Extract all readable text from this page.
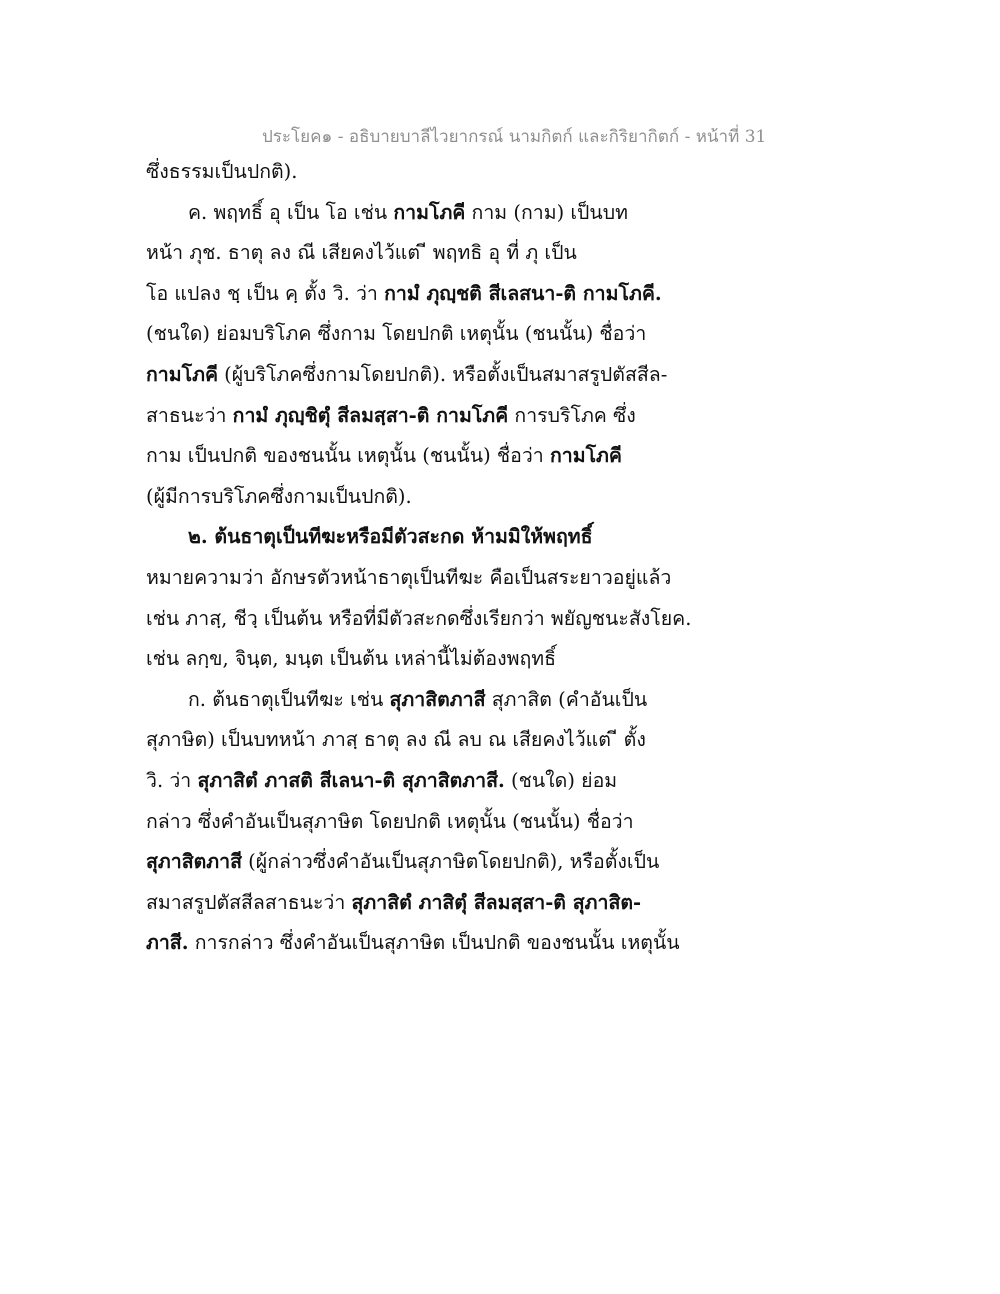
ประโยค๑ - อธิบายบาลีไวยากรณ์ นามกิตก์ และกิริยากิตก์ - หน้าที่ 31
ซึ่งธรรมเป็นปกติ).
ค. พฤทธิ์ อุ เป็น โอ เช่น กามโภคี กาม (กาม) เป็นบท
หน้า ภุช. ธาตุ ลง ณี เสียคงไว้แต่ ี พฤทธิ อุ ที่ ภุ เป็น
โอ แปลง ชฺ เป็น คฺ ตั้ง วิ. ว่า กามํ ภุญฺชติ สีเลสนา-ติ กามโภคี.
(ชนใด) ย่อมบริโภค ซึ่งกาม โดยปกติ เหตุนั้น (ชนนั้น) ชื่อว่า
กามโภคี (ผู้บริโภคซึ่งกามโดยปกติ). หรือตั้งเป็นสมาสรูปตัสสีล-
สาธนะว่า กามํ ภุญฺชิตุํ สีลมสฺสา-ติ กามโภคี การบริโภค ซึ่ง
กาม เป็นปกติ ของชนนั้น เหตุนั้น (ชนนั้น) ชื่อว่า กามโภคี
(ผู้มีการบริโภคซึ่งกามเป็นปกติ).
๒. ต้นธาตุเป็นทีฆะหรือมีตัวสะกด ห้ามมิให้พฤทธิ์
หมายความว่า อักษรตัวหน้าธาตุเป็นทีฆะ คือเป็นสระยาวอยู่แล้ว
เช่น ภาสฺ, ชีวฺ เป็นต้น หรือที่มีตัวสะกดซึ่งเรียกว่า พยัญชนะสังโยค.
เช่น ลกฺข, จินฺต, มนฺต เป็นต้น เหล่านี้ไม่ต้องพฤทธิ์
ก. ต้นธาตุเป็นทีฆะ เช่น สุภาสิตภาสี สุภาสิต (คำอันเป็น
สุภาษิต) เป็นบทหน้า ภาสฺ ธาตุ ลง ณี ลบ ณ เสียคงไว้แต่ ี ตั้ง
วิ. ว่า สุภาสิตํ ภาสติ สีเลนา-ติ สุภาสิตภาสี. (ชนใด) ย่อม
กล่าว ซึ่งคำอันเป็นสุภาษิต โดยปกติ เหตุนั้น (ชนนั้น) ชื่อว่า
สุภาสิตภาสี (ผู้กล่าวซึ่งคำอันเป็นสุภาษิตโดยปกติ), หรือตั้งเป็น
สมาสรูปตัสสีลสาธนะว่า สุภาสิตํ ภาสิตุํ สีลมสฺสา-ติ สุภาสิต-
ภาสี. การกล่าว ซึ่งคำอันเป็นสุภาษิต เป็นปกติ ของชนนั้น เหตุนั้น
